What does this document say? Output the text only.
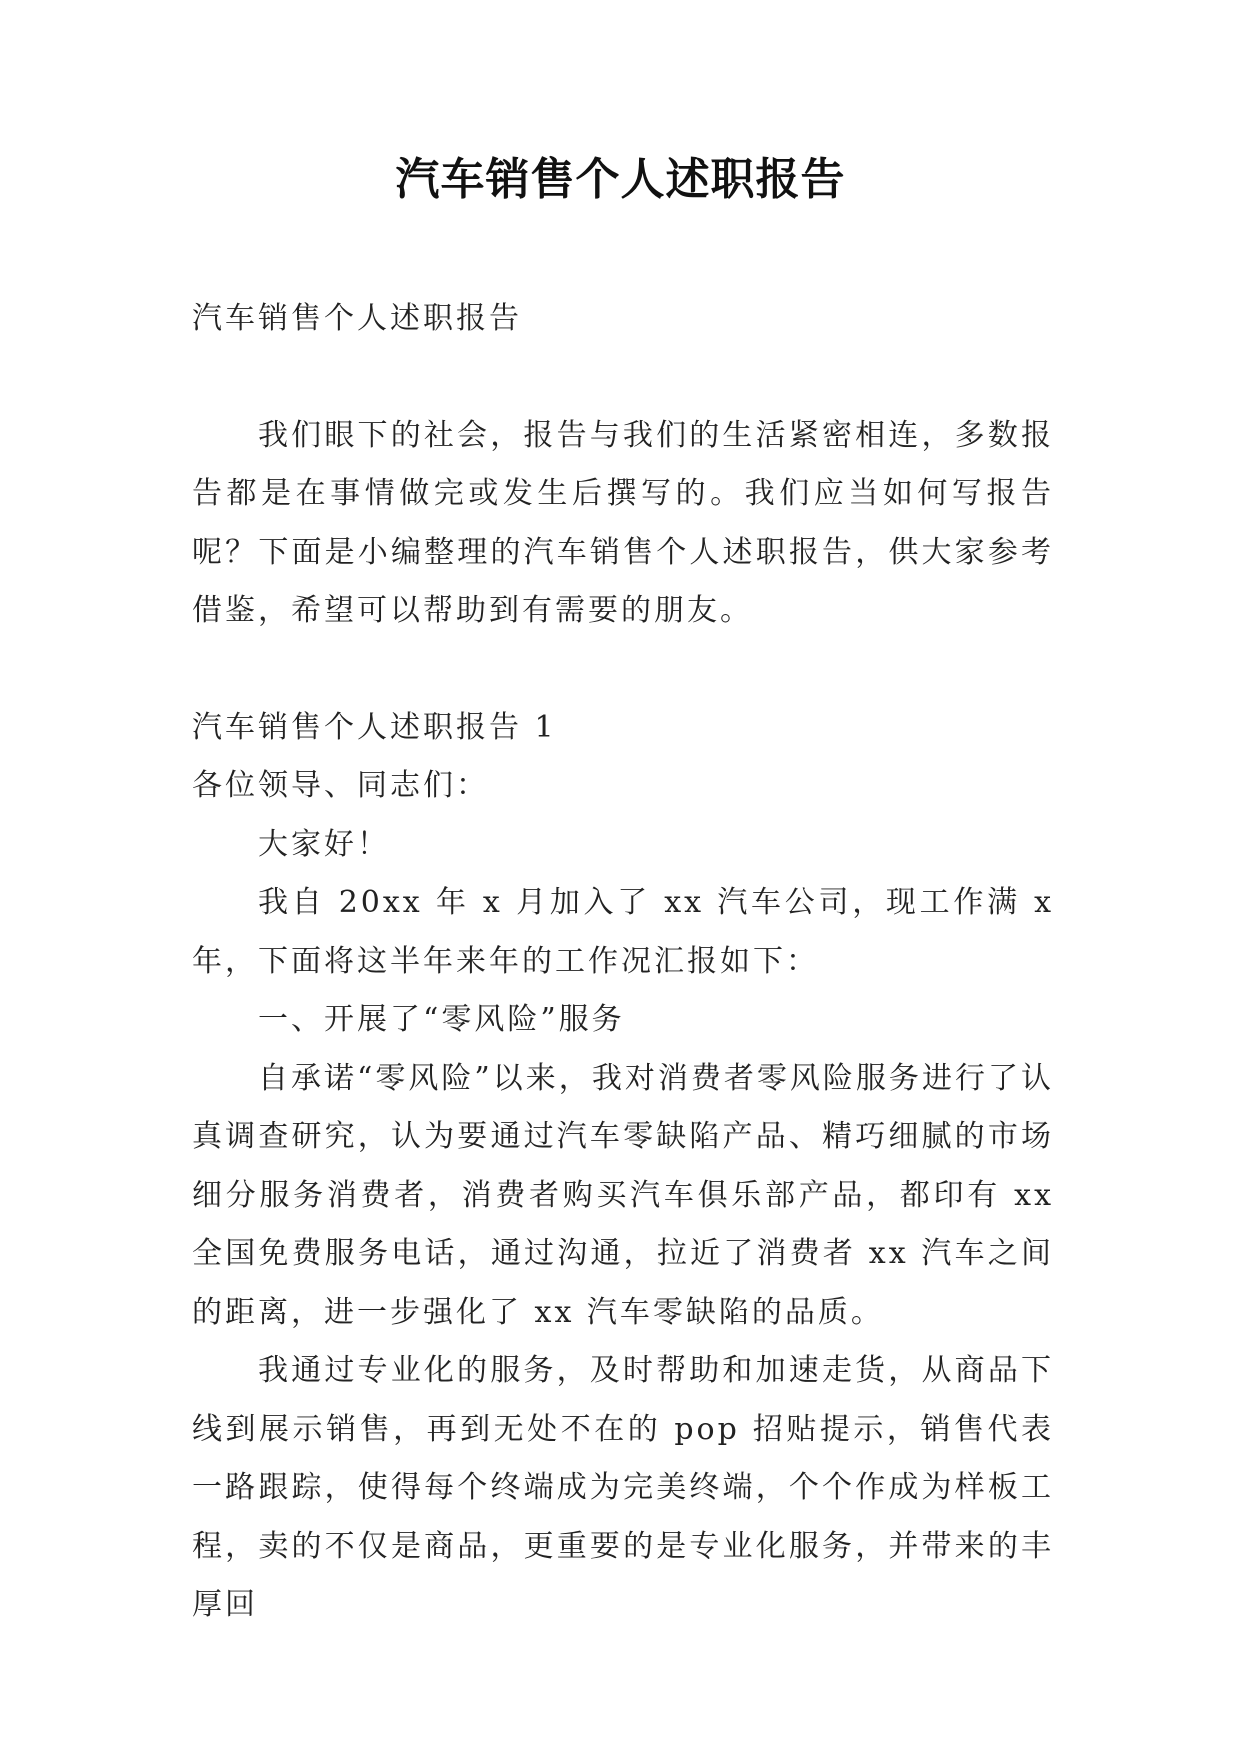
汽车销售个人述职报告

汽车销售个人述职报告

我们眼下的社会，报告与我们的生活紧密相连，多数报告都是在事情做完或发生后撰写的。我们应当如何写报告呢？下面是小编整理的汽车销售个人述职报告，供大家参考借鉴，希望可以帮助到有需要的朋友。

汽车销售个人述职报告 1

各位领导、同志们：

大家好！

我自 20xx 年 x 月加入了 xx 汽车公司，现工作满 x 年，下面将这半年来年的工作况汇报如下：

一、开展了“零风险”服务

自承诺“零风险”以来，我对消费者零风险服务进行了认真调查研究，认为要通过汽车零缺陷产品、精巧细腻的市场细分服务消费者，消费者购买汽车俱乐部产品，都印有 xx 全国免费服务电话，通过沟通，拉近了消费者 xx 汽车之间的距离，进一步强化了 xx 汽车零缺陷的品质。

我通过专业化的服务，及时帮助和加速走货，从商品下线到展示销售，再到无处不在的 pop 招贴提示，销售代表一路跟踪，使得每个终端成为完美终端，个个作成为样板工程，卖的不仅是商品，更重要的是专业化服务，并带来的丰厚回
